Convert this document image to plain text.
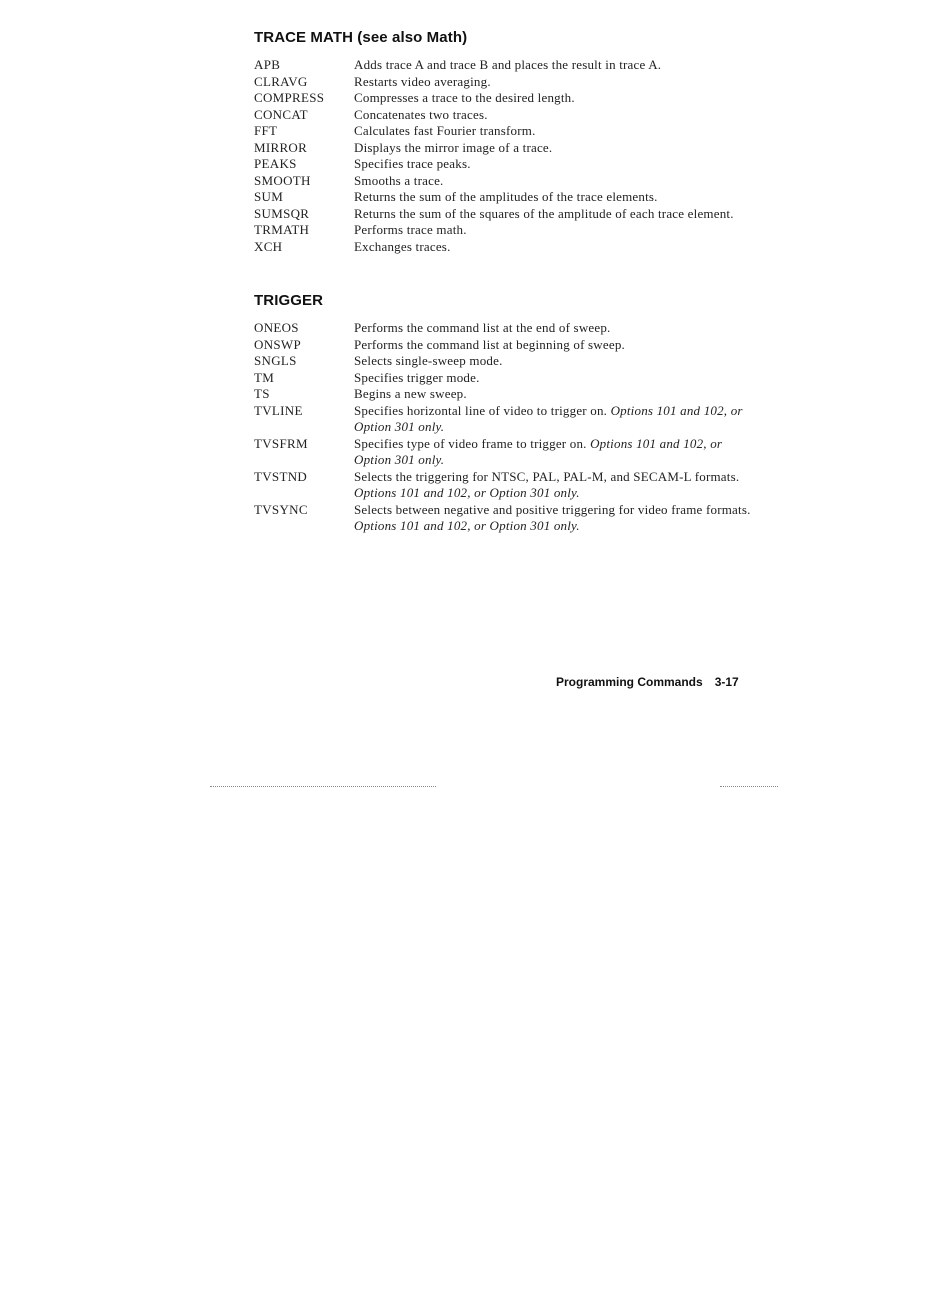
TRACE MATH (see also Math)
APB	Adds trace A and trace B and places the result in trace A.
CLRAVG	Restarts video averaging.
COMPRESS	Compresses a trace to the desired length.
CONCAT	Concatenates two traces.
FFT	Calculates fast Fourier transform.
MIRROR	Displays the mirror image of a trace.
PEAKS	Specifies trace peaks.
SMOOTH	Smooths a trace.
SUM	Returns the sum of the amplitudes of the trace elements.
SUMSQR	Returns the sum of the squares of the amplitude of each trace element.
TRMATH	Performs trace math.
XCH	Exchanges traces.
TRIGGER
ONEOS	Performs the command list at the end of sweep.
ONSWP	Performs the command list at beginning of sweep.
SNGLS	Selects single-sweep mode.
TM	Specifies trigger mode.
TS	Begins a new sweep.
TVLINE	Specifies horizontal line of video to trigger on. Options 101 and 102, or Option 301 only.
TVSFRM	Specifies type of video frame to trigger on. Options 101 and 102, or Option 301 only.
TVSTND	Selects the triggering for NTSC, PAL, PAL-M, and SECAM-L formats. Options 101 and 102, or Option 301 only.
TVSYNC	Selects between negative and positive triggering for video frame formats. Options 101 and 102, or Option 301 only.
Programming Commands 3-17
